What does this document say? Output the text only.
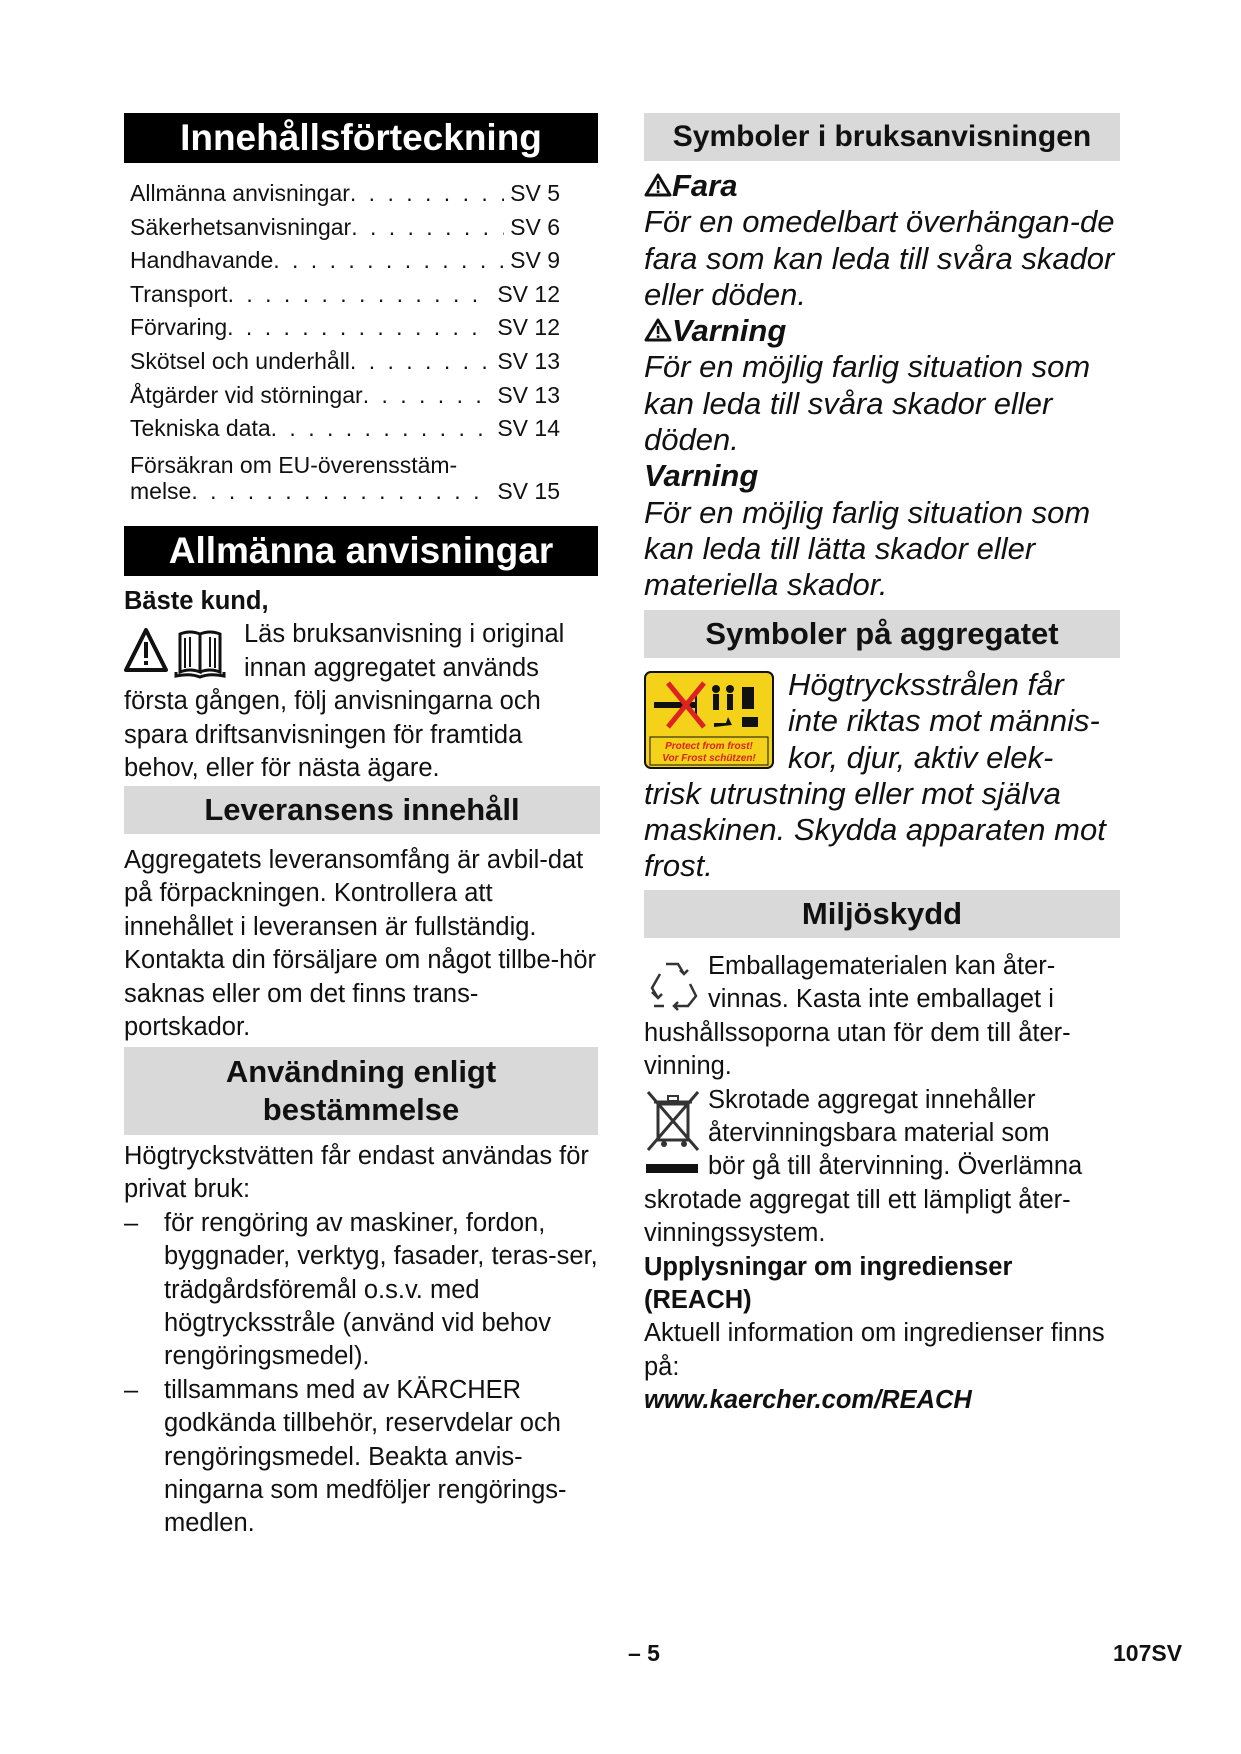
Innehållsförteckning
Allmänna anvisningar . . .	SV 5
Säkerhetsanvisningar . . .	SV 6
Handhavande . . .	SV 9
Transport . . .	SV 12
Förvaring . . .	SV 12
Skötsel och underhåll . . .	SV 13
Åtgärder vid störningar . . .	SV 13
Tekniska data . . .	SV 14
Försäkran om EU-överensstäm-
melse . . .	SV 15
Allmänna anvisningar
Bäste kund,
Läs bruksanvisning i original
innan aggregatet används
första gången, följ anvisningarna och spara driftsanvisningen för framtida behov, eller för nästa ägare.
Leveransens innehåll
Aggregatets leveransomfång är avbil-dat på förpackningen. Kontrollera att innehållet i leveransen är fullständig. Kontakta din försäljare om något tillbe-hör saknas eller om det finns trans-portskador.
Användning enligt
bestämmelse
Högtryckstvätten får endast användas för privat bruk:
– för rengöring av maskiner, fordon, byggnader, verktyg, fasader, teras-ser, trädgårdsföremål o.s.v. med högtrycksstråle (använd vid behov rengöringsmedel).
– tillsammans med av KÄRCHER godkända tillbehör, reservdelar och rengöringsmedel. Beakta anvis-ningarna som medföljer rengörings-medlen.
Symboler i bruksanvisningen
Fara
För en omedelbart överhängan-de fara som kan leda till svåra skador eller döden.
Varning
För en möjlig farlig situation som kan leda till svåra skador eller döden.
Varning
För en möjlig farlig situation som kan leda till lätta skador eller materiella skador.
Symboler på aggregatet
Protect from frost!
Vor Frost schützen!
Högtrycksstrålen får
inte riktas mot männis-
kor, djur, aktiv elek-
trisk utrustning eller mot själva maskinen. Skydda apparaten mot frost.
Miljöskydd
Emballagematerialen kan åter-
vinnas. Kasta inte emballaget i
hushållssoporna utan för dem till åter-vinning.
Skrotade aggregat innehåller
återvinningsbara material som
bör gå till återvinning. Överlämna
skrotade aggregat till ett lämpligt åter-vinningssystem.
Upplysningar om ingredienser (REACH)
Aktuell information om ingredienser finns på:
www.kaercher.com/REACH
– 5	107SV
